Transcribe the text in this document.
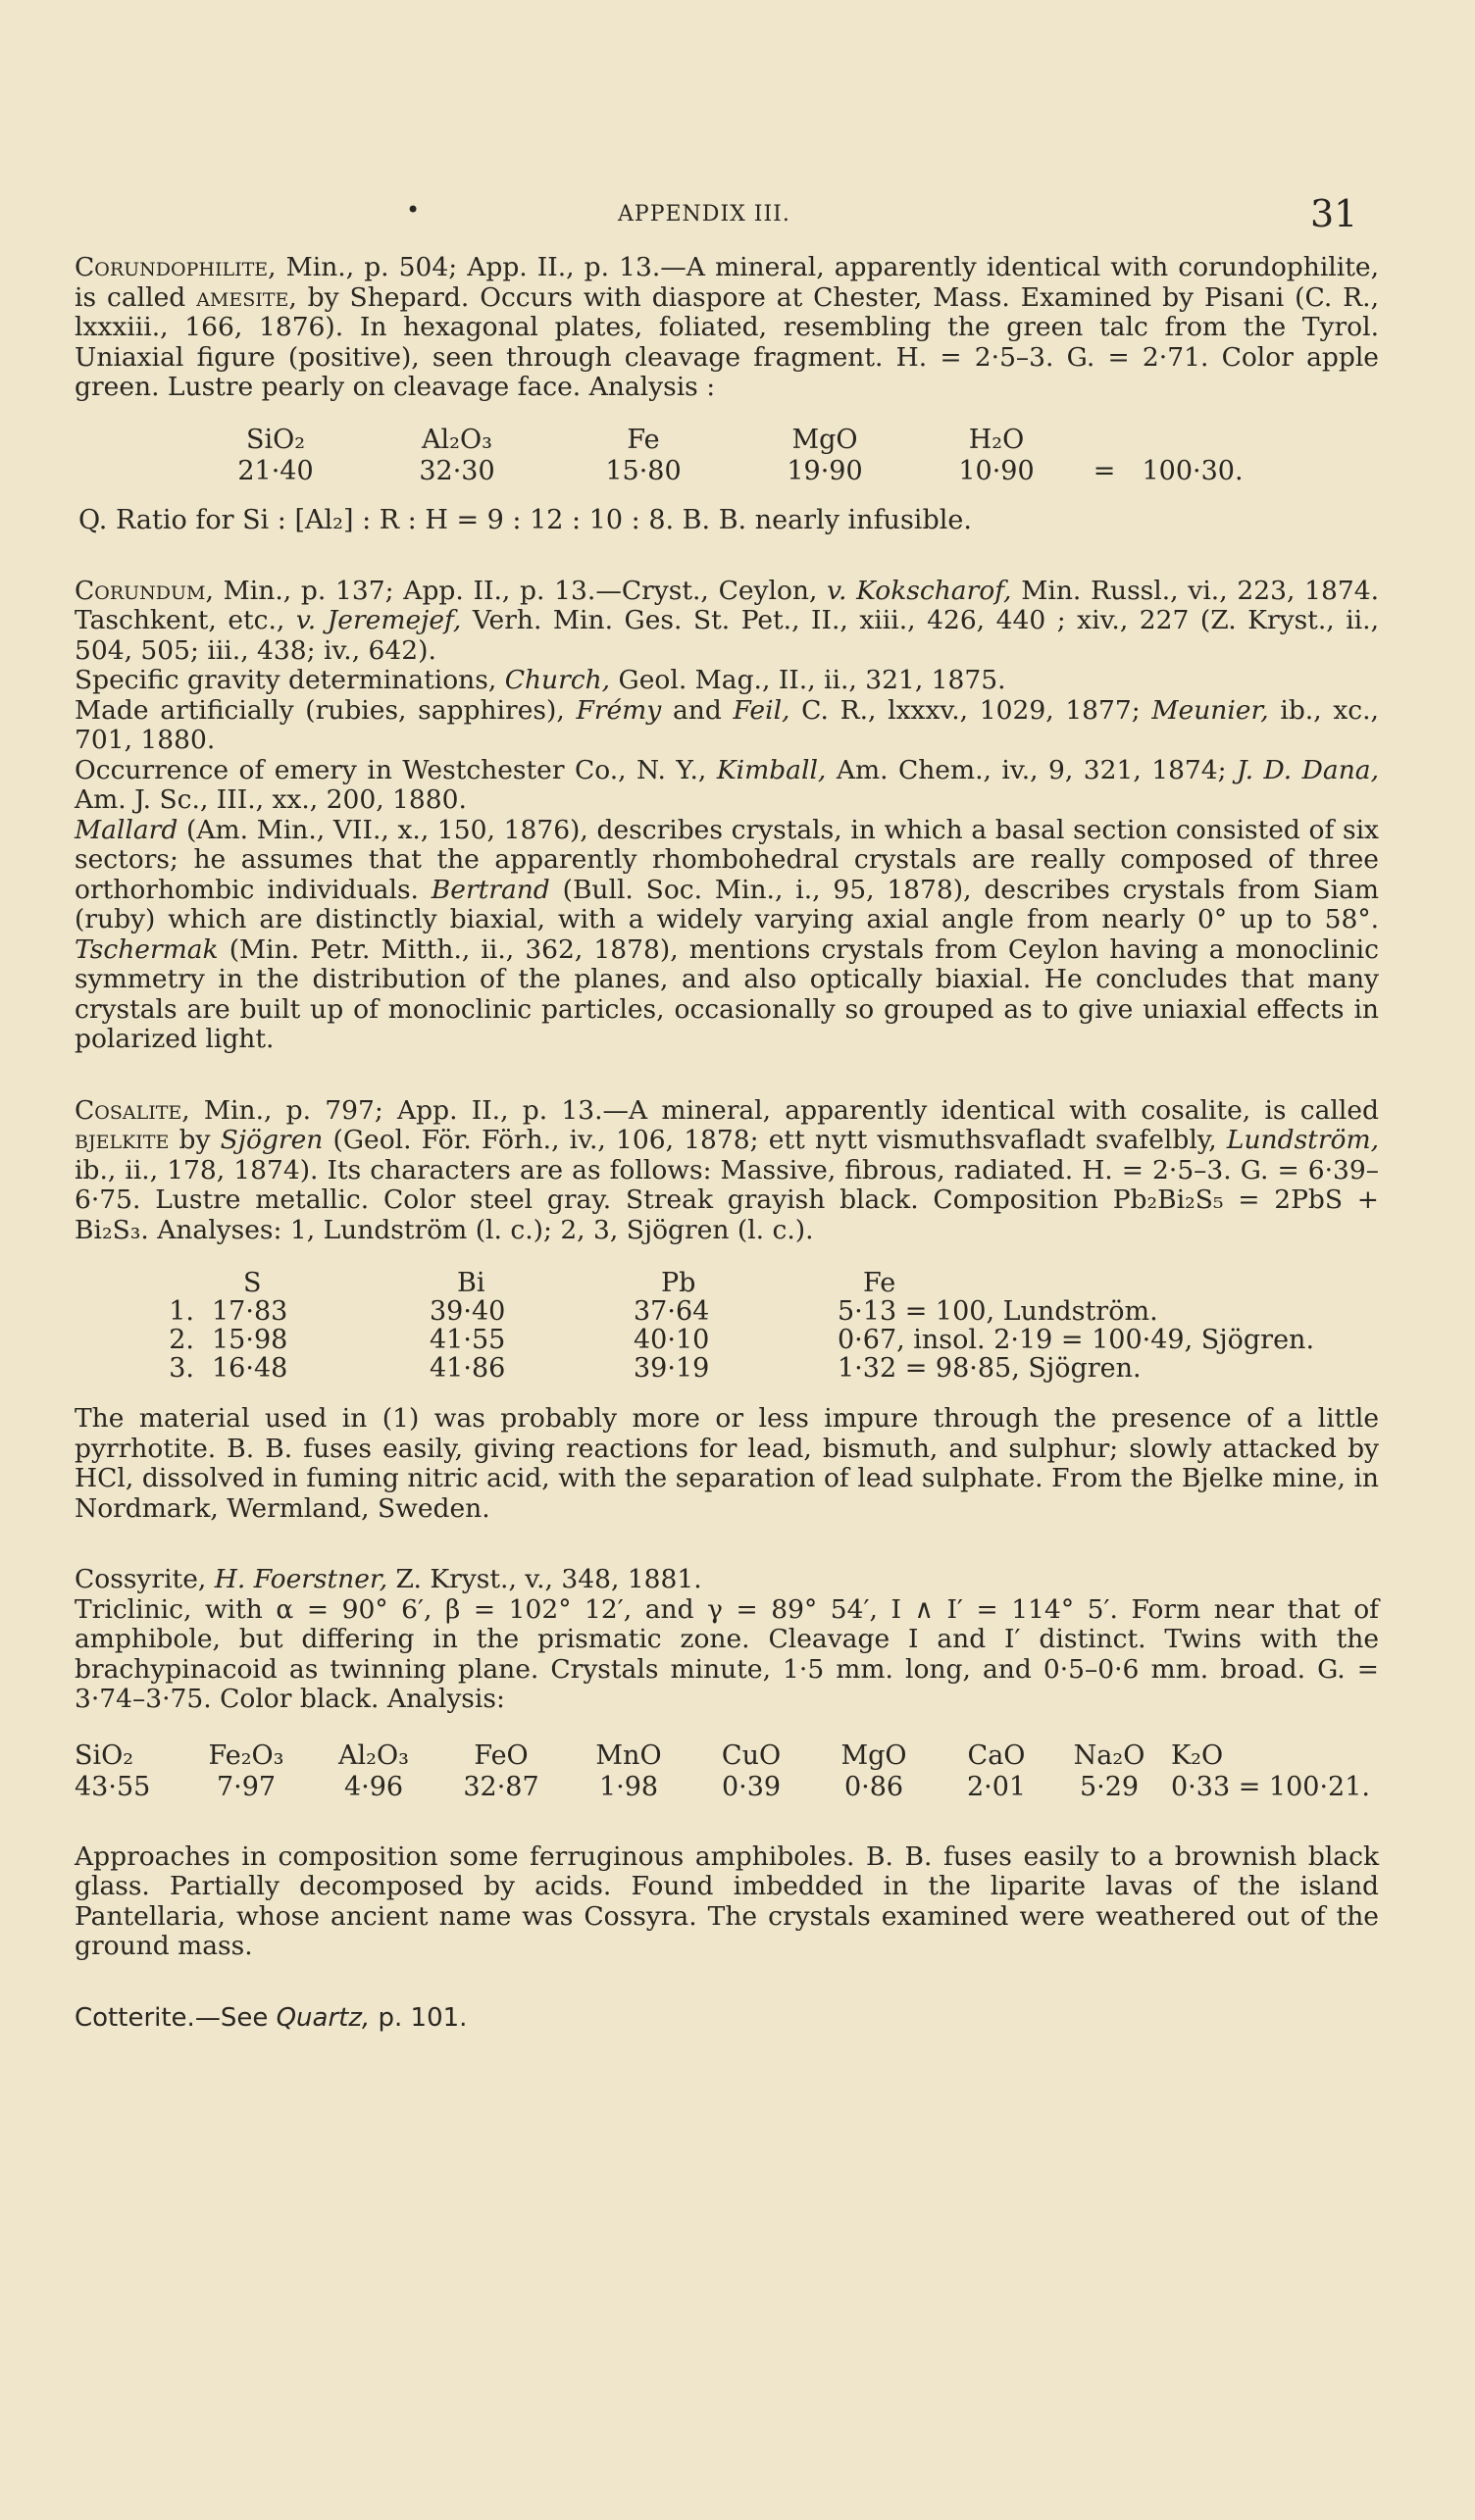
•	APPENDIX III.	31

Corundophilite, Min., p. 504; App. II., p. 13.—A mineral, apparently identical with corundophilite, is called amesite, by Shepard. Occurs with diaspore at Chester, Mass. Examined by Pisani (C. R., lxxxiii., 166, 1876). In hexagonal plates, foliated, resembling the green talc from the Tyrol. Uniaxial figure (positive), seen through cleavage fragment. H. = 2·5–3. G. = 2·71. Color apple green. Lustre pearly on cleavage face. Analysis :

SiO₂	Al₂O₃	Fe	MgO	H₂O		
21·40	32·30	15·80	19·90	10·90	=	100·30.
Q. Ratio for Si : [Al₂] : R : H = 9 : 12 : 10 : 8. B. B. nearly infusible.

Corundum, Min., p. 137; App. II., p. 13.—Cryst., Ceylon, v. Kokscharof, Min. Russl., vi., 223, 1874. Taschkent, etc., v. Jeremejef, Verh. Min. Ges. St. Pet., II., xiii., 426, 440 ; xiv., 227 (Z. Kryst., ii., 504, 505; iii., 438; iv., 642).

Specific gravity determinations, Church, Geol. Mag., II., ii., 321, 1875.

Made artificially (rubies, sapphires), Frémy and Feil, C. R., lxxxv., 1029, 1877; Meunier, ib., xc., 701, 1880.

Occurrence of emery in Westchester Co., N. Y., Kimball, Am. Chem., iv., 9, 321, 1874; J. D. Dana, Am. J. Sc., III., xx., 200, 1880.

Mallard (Am. Min., VII., x., 150, 1876), describes crystals, in which a basal section consisted of six sectors; he assumes that the apparently rhombohedral crystals are really composed of three orthorhombic individuals. Bertrand (Bull. Soc. Min., i., 95, 1878), describes crystals from Siam (ruby) which are distinctly biaxial, with a widely varying axial angle from nearly 0° up to 58°. Tschermak (Min. Petr. Mitth., ii., 362, 1878), mentions crystals from Ceylon having a monoclinic symmetry in the distribution of the planes, and also optically biaxial. He concludes that many crystals are built up of monoclinic particles, occasionally so grouped as to give uniaxial effects in polarized light.

Cosalite, Min., p. 797; App. II., p. 13.—A mineral, apparently identical with cosalite, is called bjelkite by Sjögren (Geol. För. Förh., iv., 106, 1878; ett nytt vismuthsvafladt svafelbly, Lundström, ib., ii., 178, 1874). Its characters are as follows: Massive, fibrous, radiated. H. = 2·5–3. G. = 6·39–6·75. Lustre metallic. Color steel gray. Streak grayish black. Composition Pb₂Bi₂S₅ = 2PbS + Bi₂S₃. Analyses: 1, Lundström (l. c.); 2, 3, Sjögren (l. c.).

	S	Bi	Pb	Fe
1.	17·83	39·40	37·64	5·13 = 100, Lundström.
2.	15·98	41·55	40·10	0·67, insol. 2·19 = 100·49, Sjögren.
3.	16·48	41·86	39·19	1·32 = 98·85, Sjögren.

The material used in (1) was probably more or less impure through the presence of a little pyrrhotite. B. B. fuses easily, giving reactions for lead, bismuth, and sulphur; slowly attacked by HCl, dissolved in fuming nitric acid, with the separation of lead sulphate. From the Bjelke mine, in Nordmark, Wermland, Sweden.

Cossyrite, H. Foerstner, Z. Kryst., v., 348, 1881.

Triclinic, with α = 90° 6′, β = 102° 12′, and γ = 89° 54′, I ∧ I′ = 114° 5′. Form near that of amphibole, but differing in the prismatic zone. Cleavage I and I′ distinct. Twins with the brachypinacoid as twinning plane. Crystals minute, 1·5 mm. long, and 0·5–0·6 mm. broad. G. = 3·74–3·75. Color black. Analysis:

SiO₂	Fe₂O₃	Al₂O₃	FeO	MnO	CuO	MgO	CaO	Na₂O	K₂O
43·55	7·97	4·96	32·87	1·98	0·39	0·86	2·01	5·29	0·33 = 100·21.

Approaches in composition some ferruginous amphiboles. B. B. fuses easily to a brownish black glass. Partially decomposed by acids. Found imbedded in the liparite lavas of the island Pantellaria, whose ancient name was Cossyra. The crystals examined were weathered out of the ground mass.

Cotterite.—See Quartz, p. 101.
